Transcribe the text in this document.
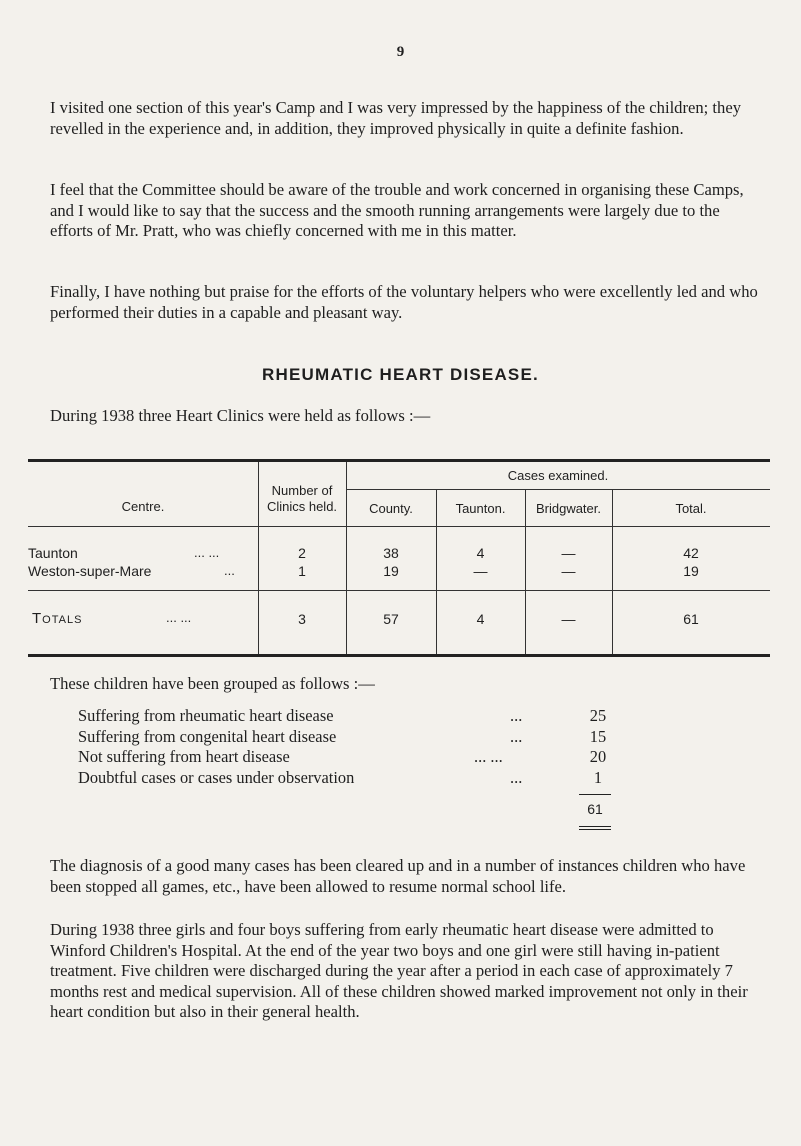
9

I visited one section of this year's Camp and I was very impressed by the happiness of the children; they revelled in the experience and, in addition, they improved physically in quite a definite fashion.

I feel that the Committee should be aware of the trouble and work concerned in organising these Camps, and I would like to say that the success and the smooth running arrangements were largely due to the efforts of Mr. Pratt, who was chiefly concerned with me in this matter.

Finally, I have nothing but praise for the efforts of the voluntary helpers who were excellently led and who performed their duties in a capable and pleasant way.

RHEUMATIC HEART DISEASE.

During 1938 three Heart Clinics were held as follows :—

Centre.
Number of
Clinics held.
Cases examined.
County.	Taunton.	Bridgwater.	Total.
Taunton	... ...	2	38	4	—	42
Weston-super-Mare	...	1	19	—	—	19
Totals	... ...	3	57	4	—	61

These children have been grouped as follows :—

Suffering from rheumatic heart disease	...	25
Suffering from congenital heart disease	...	15
Not suffering from heart disease	... ...	20
Doubtful cases or cases under observation	...	1
61

The diagnosis of a good many cases has been cleared up and in a number of instances children who have been stopped all games, etc., have been allowed to resume normal school life.

During 1938 three girls and four boys suffering from early rheumatic heart disease were admitted to Winford Children's Hospital. At the end of the year two boys and one girl were still having in-patient treatment. Five children were discharged during the year after a period in each case of approximately 7 months rest and medical supervision. All of these children showed marked improvement not only in their heart condition but also in their general health.
